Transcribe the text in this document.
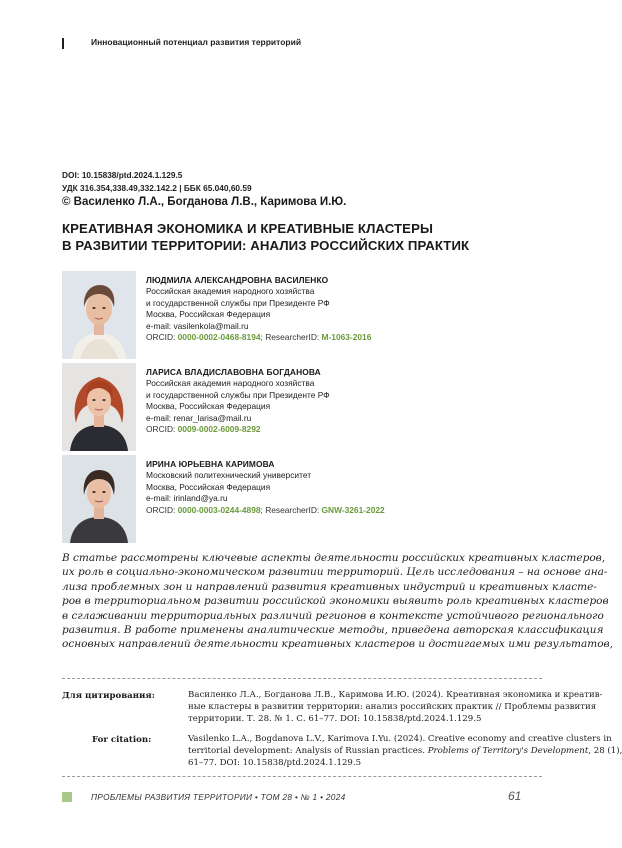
Инновационный потенциал развития территорий
DOI: 10.15838/ptd.2024.1.129.5
УДК 316.354,338.49,332.142.2 | ББК 65.040,60.59
© Василенко Л.А., Богданова Л.В., Каримова И.Ю.
КРЕАТИВНАЯ ЭКОНОМИКА И КРЕАТИВНЫЕ КЛАСТЕРЫ
В РАЗВИТИИ ТЕРРИТОРИИ: АНАЛИЗ РОССИЙСКИХ ПРАКТИК
ЛЮДМИЛА АЛЕКСАНДРОВНА ВАСИЛЕНКО
Российская академия народного хозяйства
и государственной службы при Президенте РФ
Москва, Российская Федерация
e-mail: vasilenkola@mail.ru
ORCID: 0000-0002-0468-8194; ResearcherID: M-1063-2016
ЛАРИСА ВЛАДИСЛАВОВНА БОГДАНОВА
Российская академия народного хозяйства
и государственной службы при Президенте РФ
Москва, Российская Федерация
e-mail: renar_larisa@mail.ru
ORCID: 0009-0002-6009-8292
ИРИНА ЮРЬЕВНА КАРИМОВА
Московский политехнический университет
Москва, Российская Федерация
e-mail: irinland@ya.ru
ORCID: 0000-0003-0244-4898; ResearcherID: GNW-3261-2022
В статье рассмотрены ключевые аспекты деятельности российских креативных кластеров,
их роль в социально-экономическом развитии территорий. Цель исследования – на основе ана-
лиза проблемных зон и направлений развития креативных индустрий и креативных класте-
ров в территориальном развитии российской экономики выявить роль креативных кластеров
в сглаживании территориальных различий регионов в контексте устойчивого регионального
развития. В работе применены аналитические методы, приведена авторская классификация
основных направлений деятельности креативных кластеров и достигаемых ими результатов,
Для цитирования:	Василенко Л.А., Богданова Л.В., Каримова И.Ю. (2024). Креативная экономика и креатив-
ные кластеры в развитии территории: анализ российских практик // Проблемы развития
территории. Т. 28. № 1. С. 61–77. DOI: 10.15838/ptd.2024.1.129.5
For citation:	Vasilenko L.A., Bogdanova L.V., Karimova I.Yu. (2024). Creative economy and creative clusters in
territorial development: Analysis of Russian practices. Problems of Territory's Development, 28 (1),
61–77. DOI: 10.15838/ptd.2024.1.129.5
ПРОБЛЕМЫ РАЗВИТИЯ ТЕРРИТОРИИ • ТОМ 28 • № 1 • 2024	61
